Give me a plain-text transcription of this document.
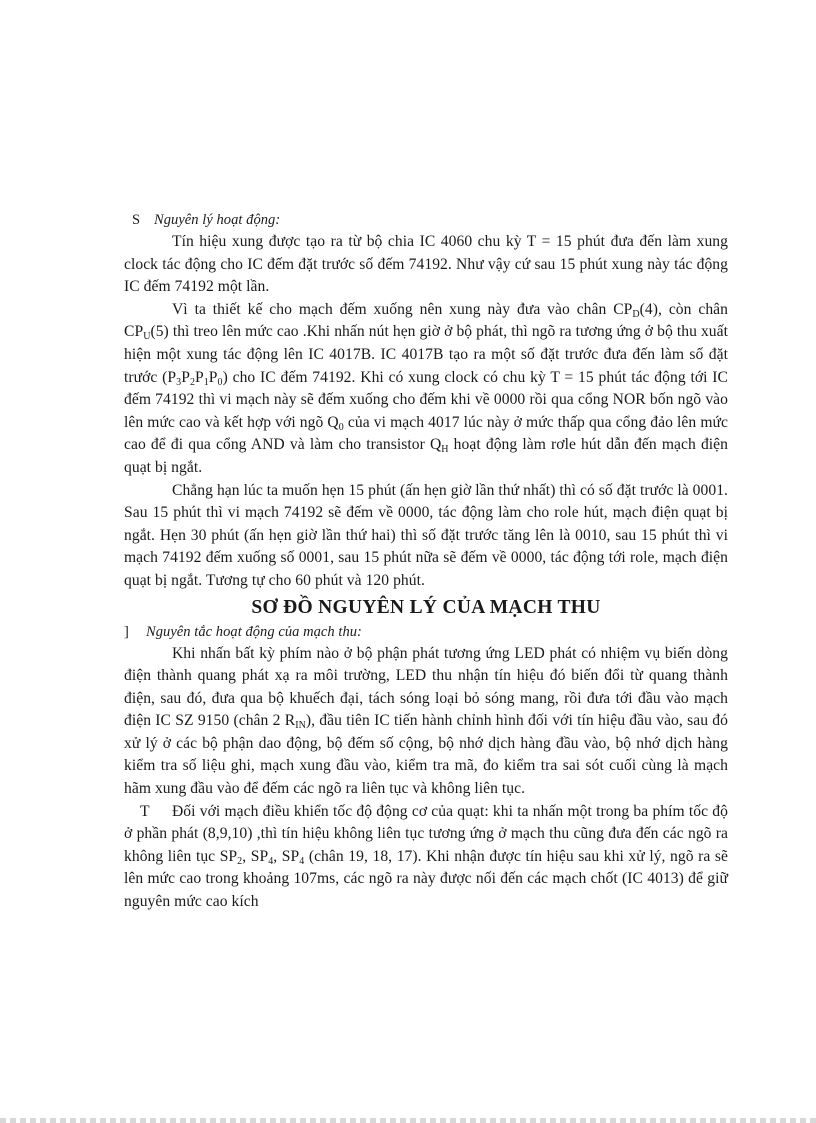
S Nguyên lý hoạt động:

Tín hiệu xung được tạo ra từ bộ chia IC 4060 chu kỳ T = 15 phút đưa đến làm xung clock tác động cho IC đếm đặt trước số đếm 74192. Như vậy cứ sau 15 phút xung này tác động IC đếm 74192 một lần.

Vì ta thiết kế cho mạch đếm xuống nên xung này đưa vào chân $CP_D(4)$, còn chân $CP_U(5)$ thì treo lên mức cao .Khi nhấn nút hẹn giờ ở bộ phát, thì ngõ ra tương ứng ở bộ thu xuất hiện một xung tác động lên IC 4017B. IC 4017B tạo ra một số đặt trước đưa đến làm số đặt trước $(P_3P_2P_1P_0)$ cho IC đếm 74192. Khi có xung clock có chu kỳ T = 15 phút tác động tới IC đếm 74192 thì vi mạch này sẽ đếm xuống cho đếm khi về 0000 rồi qua cổng NOR bốn ngõ vào lên mức cao và kết hợp với ngõ $Q_0$ của vi mạch 4017 lúc này ở mức thấp qua cổng đảo lên mức cao để đi qua cổng AND và làm cho transistor $Q_H$ hoạt động làm rơle hút dẫn đến mạch điện quạt bị ngắt.

Chẳng hạn lúc ta muốn hẹn 15 phút (ấn hẹn giờ lần thứ nhất) thì có số đặt trước là 0001. Sau 15 phút thì vi mạch 74192 sẽ đếm về 0000, tác động làm cho role hút, mạch điện quạt bị ngắt. Hẹn 30 phút (ấn hẹn giờ lần thứ hai) thì số đặt trước tăng lên là 0010, sau 15 phút thì vi mạch 74192 đếm xuống số 0001, sau 15 phút nữa sẽ đếm về 0000, tác động tới role, mạch điện quạt bị ngắt. Tương tự cho 60 phút và 120 phút.

SƠ ĐỒ NGUYÊN LÝ CỦA MẠCH THU
] Nguyên tắc hoạt động của mạch thu:

Khi nhấn bất kỳ phím nào ở bộ phận phát tương ứng LED phát có nhiệm vụ biến dòng điện thành quang phát xạ ra môi trường, LED thu nhận tín hiệu đó biến đổi từ quang thành điện, sau đó, đưa qua bộ khuếch đại, tách sóng loại bỏ sóng mang, rồi đưa tới đầu vào mạch điện IC SZ 9150 (chân 2 $R_{IN}$), đầu tiên IC tiến hành chỉnh hình đối với tín hiệu đầu vào, sau đó xử lý ở các bộ phận dao động, bộ đếm số cộng, bộ nhớ dịch hàng đầu vào, bộ nhớ dịch hàng kiểm tra số liệu ghi, mạch xung đầu vào, kiểm tra mã, đo kiểm tra sai sót cuối cùng là mạch hãm xung đầu vào để đếm các ngõ ra liên tục và không liên tục.

T Đối với mạch điều khiển tốc độ động cơ của quạt: khi ta nhấn một trong ba phím tốc độ ở phần phát (8,9,10) ,thì tín hiệu không liên tục tương ứng ở mạch thu cũng đưa đến các ngõ ra không liên tục $SP_2$, $SP_4$, $SP_4$ (chân 19, 18, 17). Khi nhận được tín hiệu sau khi xử lý, ngõ ra sẽ lên mức cao trong khoảng 107ms, các ngõ ra này được nối đến các mạch chốt (IC 4013) để giữ nguyên mức cao kích
